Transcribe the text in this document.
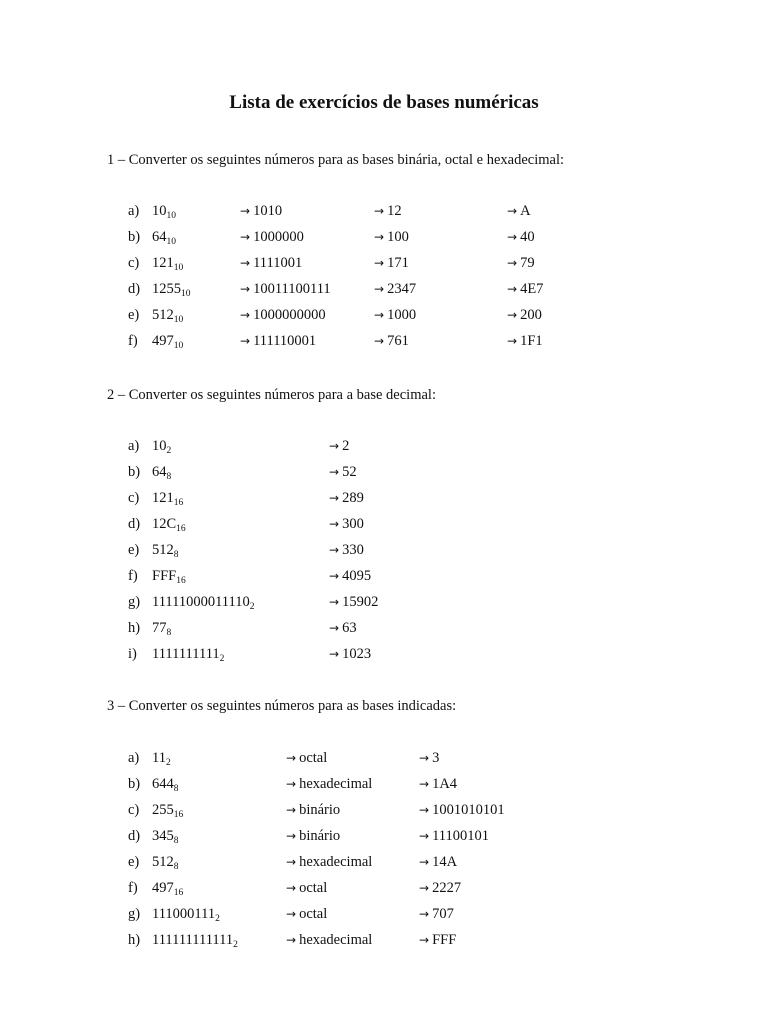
Lista de exercícios de bases numéricas
1 – Converter os seguintes números para as bases binária, octal e hexadecimal:
a) $10_{10}$	→ 1010	→ 12	→ A
b) $64_{10}$	→ 1000000	→ 100	→ 40
c) $121_{10}$	→ 1111001	→ 171	→ 79
d) $1255_{10}$	→ 10011100111	→ 2347	→ 4E7
e) $512_{10}$	→ 1000000000	→ 1000	→ 200
f) $497_{10}$	→ 111110001	→ 761	→ 1F1
2 – Converter os seguintes números para a base decimal:
a) $10_2$	→ 2
b) $64_8$	→ 52
c) $121_{16}$	→ 289
d) $12C_{16}$	→ 300
e) $512_8$	→ 330
f) $FFF_{16}$	→ 4095
g) $11111000011110_2$	→ 15902
h) $77_8$	→ 63
i) $1111111111_2$	→ 1023
3 – Converter os seguintes números para as bases indicadas:
a) $11_2$	→ octal	→ 3
b) $644_8$	→ hexadecimal	→ 1A4
c) $255_{16}$	→ binário	→ 1001010101
d) $345_8$	→ binário	→ 11100101
e) $512_8$	→ hexadecimal	→ 14A
f) $497_{16}$	→ octal	→ 2227
g) $111000111_2$	→ octal	→ 707
h) $111111111111_2$	→ hexadecimal	→ FFF
